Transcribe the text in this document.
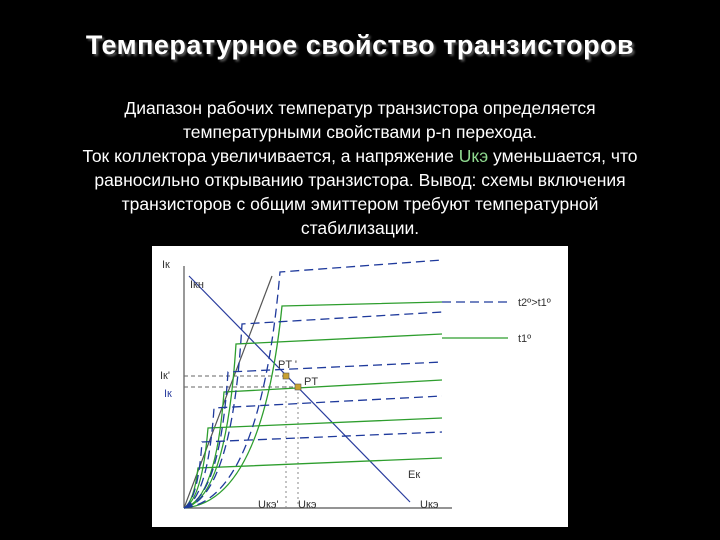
Температурное свойство транзисторов
Диапазон рабочих температур транзистора определяется
температурными свойствами p-n перехода.
Ток коллектора увеличивается, а напряжение Uкэ уменьшается, что
равносильно открыванию транзистора. Вывод: схемы включения
транзисторов с общим эмиттером требуют температурной
стабилизации.
t2º>t1º
t1º
Iк
Iкн
Iк'
Iк
PT '
PT
Eк
Uкэ' Uкэ	Uкэ
